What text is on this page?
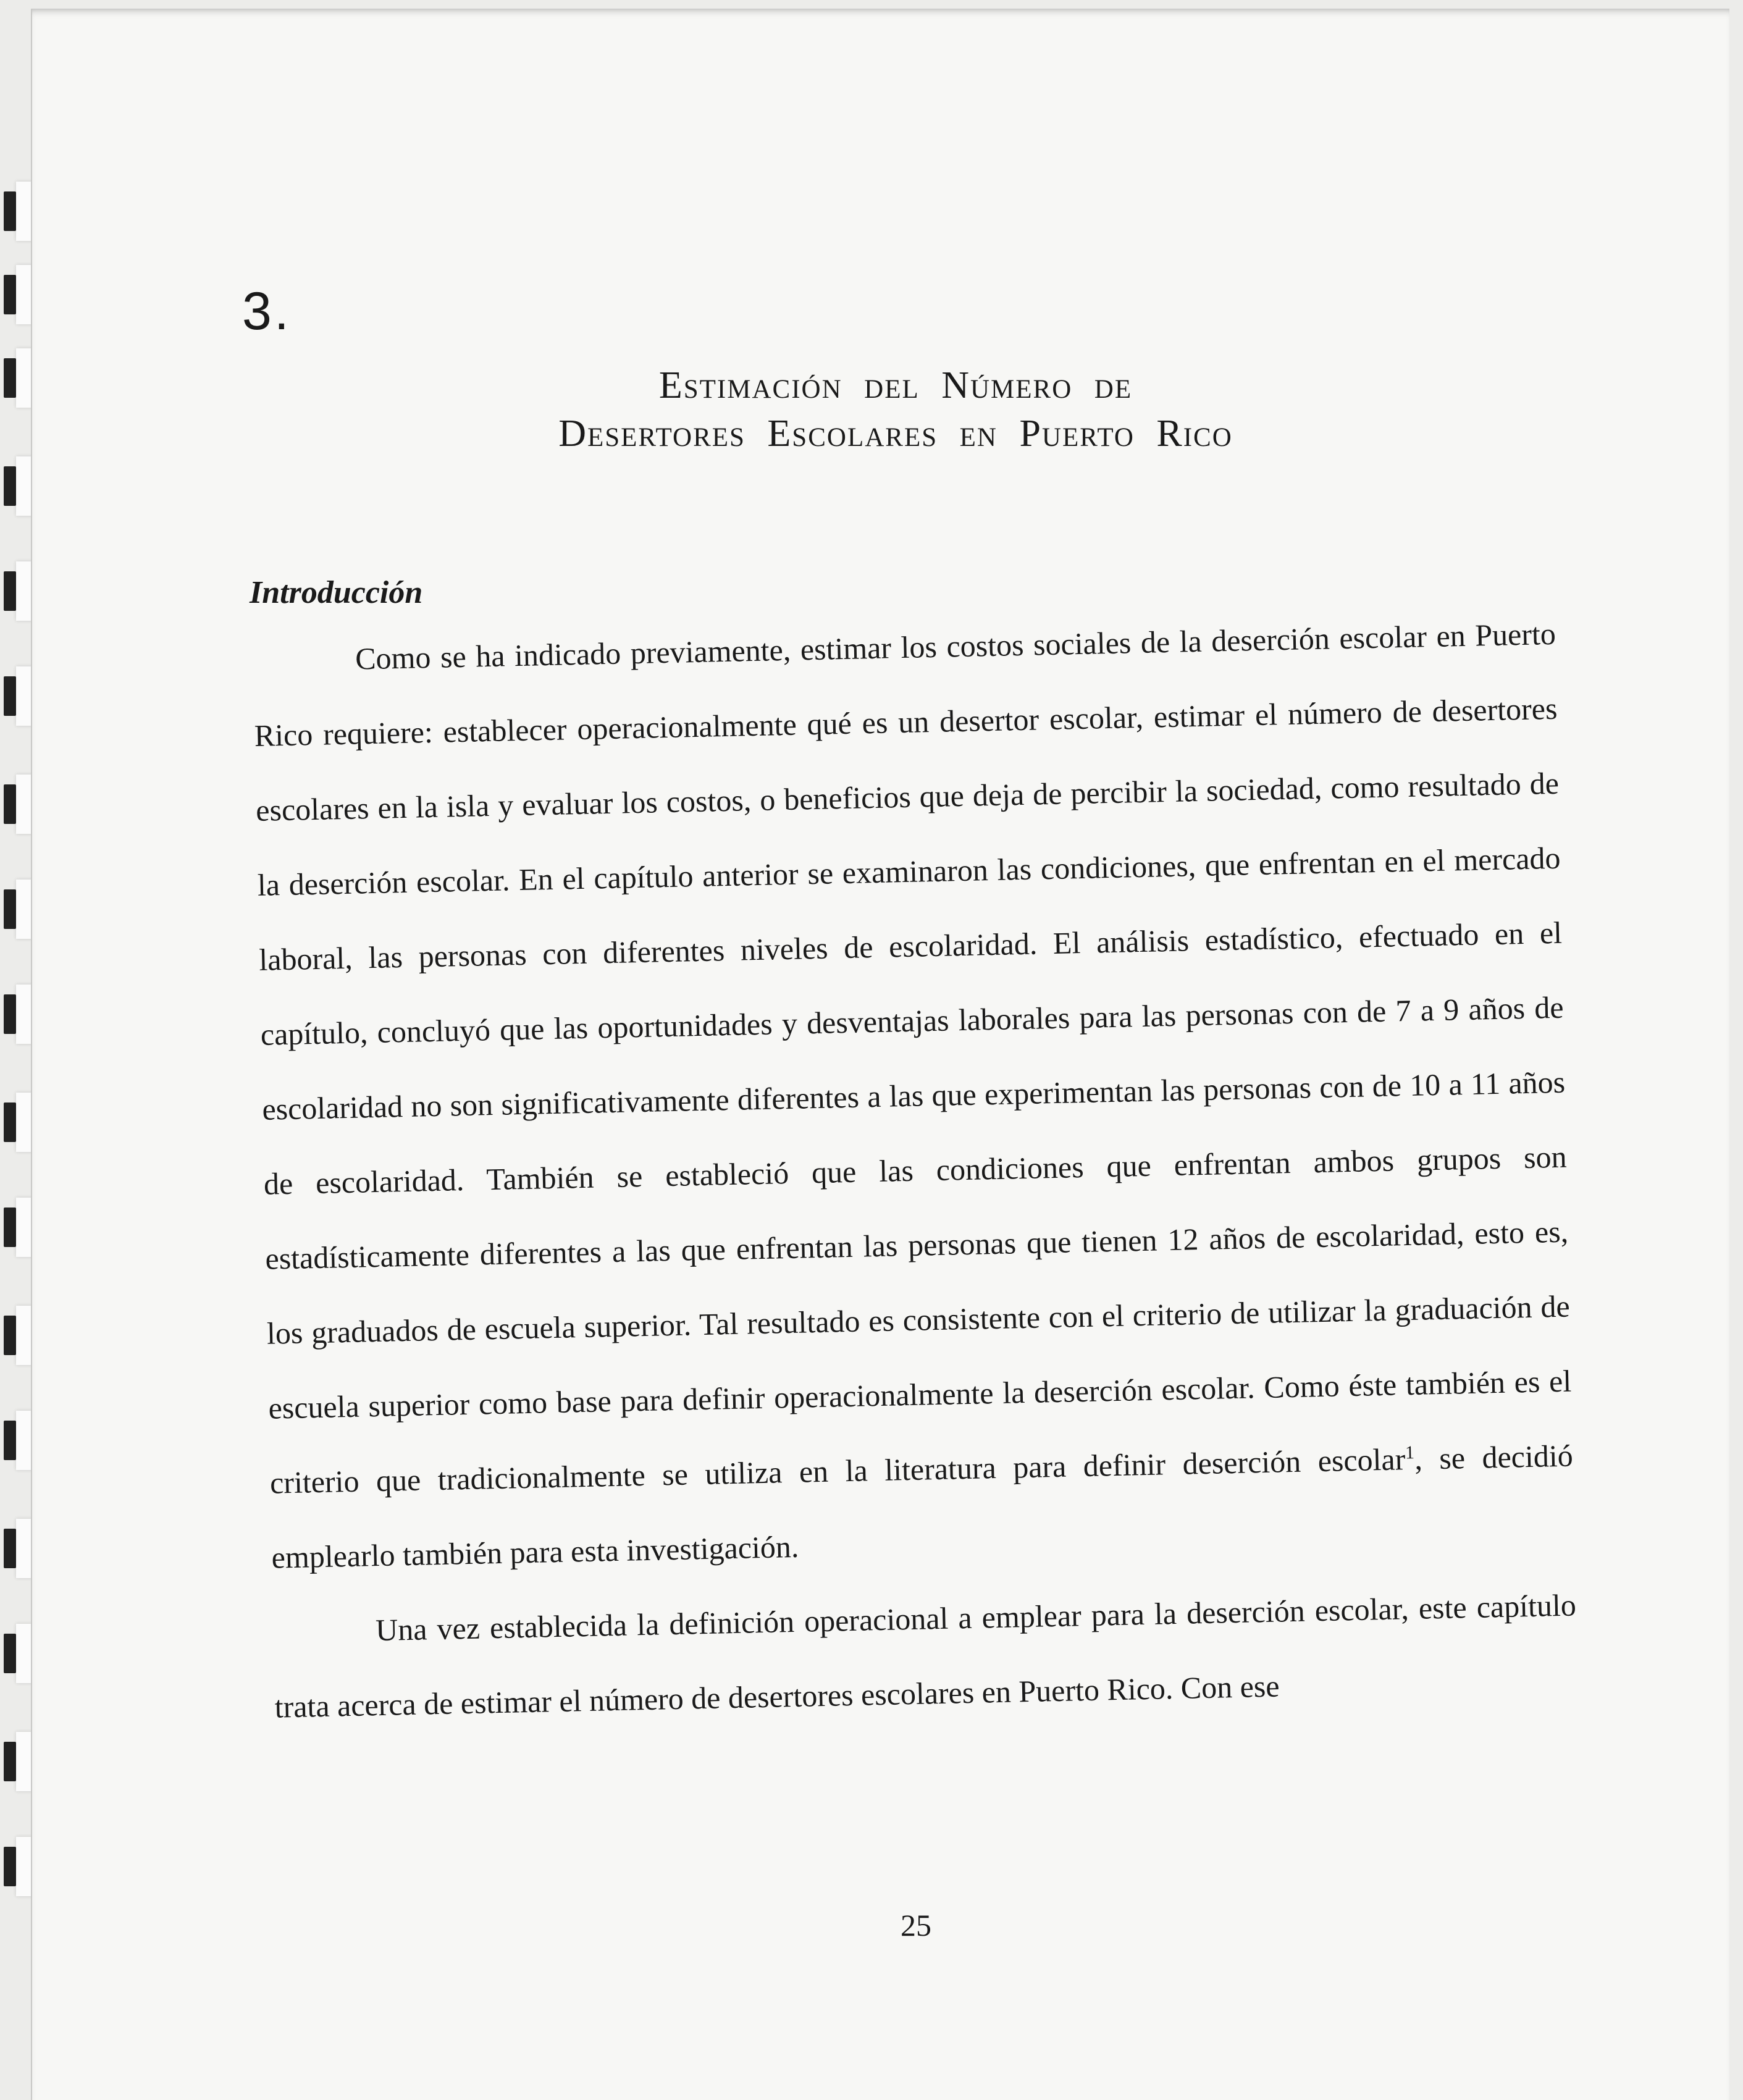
3.
Estimación del Número de
Desertores Escolares en Puerto Rico
Introducción

Como se ha indicado previamente, estimar los costos sociales de la deserción escolar en Puerto Rico requiere: establecer operacionalmente qué es un desertor escolar, estimar el número de desertores escolares en la isla y evaluar los costos, o beneficios que deja de percibir la sociedad, como resultado de la deserción escolar. En el capítulo anterior se examinaron las condiciones, que enfrentan en el mercado laboral, las personas con diferentes niveles de escolaridad. El análisis estadístico, efectuado en el capítulo, concluyó que las oportunidades y desventajas laborales para las personas con de 7 a 9 años de escolaridad no son significativamente diferentes a las que experimentan las personas con de 10 a 11 años de escolaridad. También se estableció que las condiciones que enfrentan ambos grupos son estadísticamente diferentes a las que enfrentan las personas que tienen 12 años de escolaridad, esto es, los graduados de escuela superior. Tal resultado es consistente con el criterio de utilizar la graduación de escuela superior como base para definir operacionalmente la deserción escolar. Como éste también es el criterio que tradicionalmente se utiliza en la literatura para definir deserción escolar$^1$, se decidió emplearlo también para esta investigación.

Una vez establecida la definición operacional a emplear para la deserción escolar, este capítulo trata acerca de estimar el número de desertores escolares en Puerto Rico. Con ese

25
